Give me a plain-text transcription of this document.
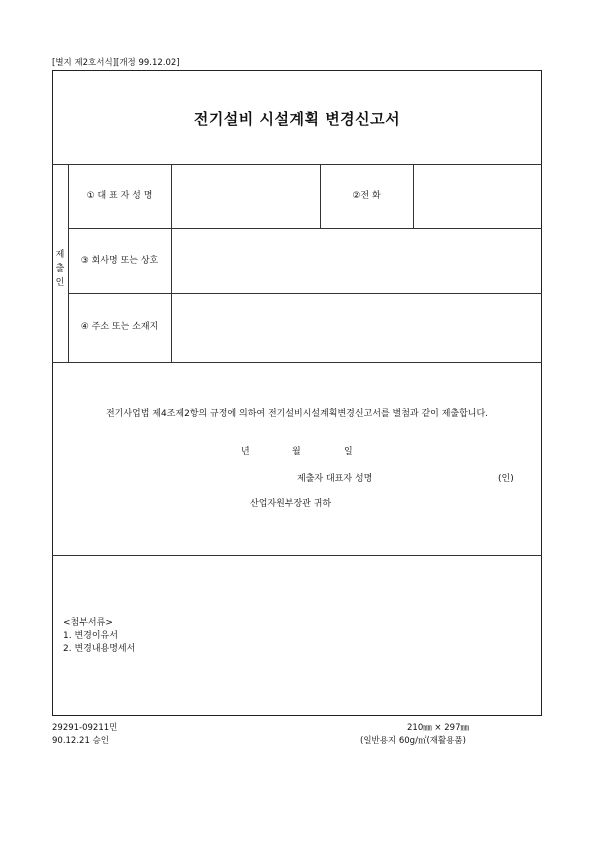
[별지 제2호서식][개정 99.12.02]
전기설비 시설계획 변경신고서
제
출
인
① 대 표 자 성 명	②전 화
③ 회사명 또는 상호
④ 주소 또는 소재지
전기사업법 제4조제2항의 규정에 의하여 전기설비시설계획변경신고서를 별첨과 같이 제출합니다.
년	월	일
제출자 대표자 성명	(인)
산업자원부장관 귀하
<첨부서류>
1. 변경이유서
2. 변경내용명세서
29291-09211민
90.12.21 승인
210㎜ × 297㎜
(일반용지 60g/㎡(재활용품)
